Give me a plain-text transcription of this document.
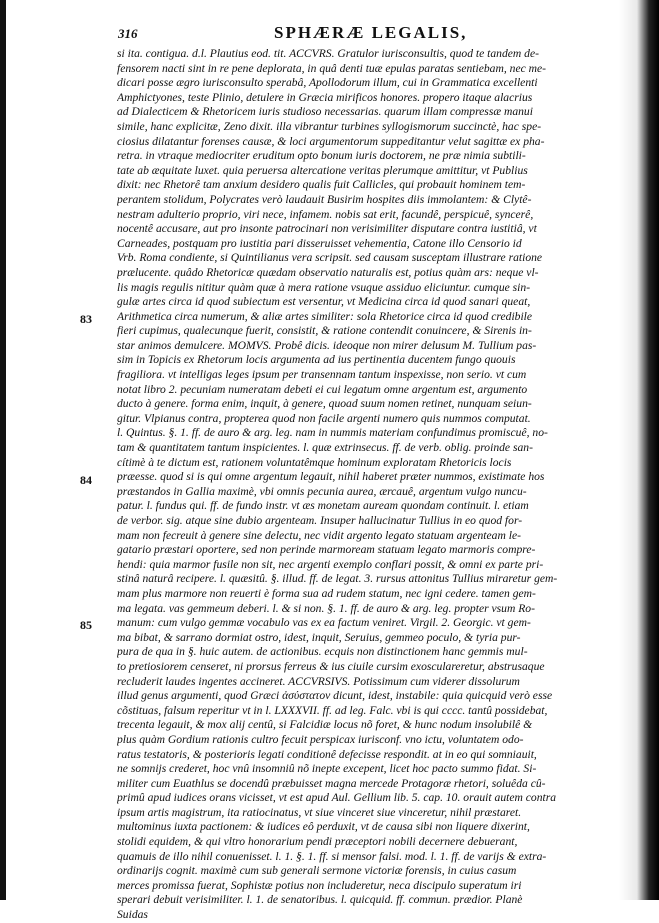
316	SPHÆRÆ LEGALIS,
83
84
85
si ita. contigua. d.l. Plautius eod. tit. ACCVRS. Gratulor iurisconsultis, quod te tandem de-
fensorem nacti sint in re pene deplorata, in quâ denti tuæ epulas paratas sentiebam, nec me-
dicari posse ægro iurisconsulto sperabâ, Apollodorum illum, cui in Grammatica excellenti
Amphictyones, teste Plinio, detulere in Græcia mirificos honores. propero itaque alacrius
ad Dialecticem & Rhetoricem iuris studioso necessarias. quarum illam compressæ manui
simile, hanc explicitæ, Zeno dixit. illa vibrantur turbines syllogismorum succinctè, hac spe-
ciosius dilatantur forenses causæ, & loci argumentorum suppeditantur velut sagittæ ex pha-
retra. in vtraque mediocriter eruditum opto bonum iuris doctorem, ne præ nimia subtili-
tate ab æquitate luxet. quia peruersa altercatione veritas plerumque amittitur, vt Publius
dixit: nec Rhetorê tam anxium desidero qualis fuit Callicles, qui probauit hominem tem-
perantem stolidum, Polycrates verò laudauit Busirim hospites diis immolantem: & Clytê-
nestram adulterio proprio, viri nece, infamem. nobis sat erit, facundê, perspicuê, syncerê,
nocentê accusare, aut pro insonte patrocinari non verisimiliter disputare contra iustitiâ, vt
Carneades, postquam pro iustitia pari disseruisset vehementia, Catone illo Censorio id
Vrb. Roma condiente, si Quintilianus vera scripsit. sed causam susceptam illustrare ratione
prælucente. quâdo Rhetoricæ quædam observatio naturalis est, potius quàm ars: neque vl-
lis magis regulis nititur quàm quæ à mera ratione vsuque assiduo eliciuntur. cumque sin-
gulæ artes circa id quod subiectum est versentur, vt Medicina circa id quod sanari queat,
Arithmetica circa numerum, & aliæ artes similiter: sola Rhetorice circa id quod credibile
fieri cupimus, qualecunque fuerit, consistit, & ratione contendit conuincere, & Sirenis in-
star animos demulcere. MOMVS. Probê dicis. ideoque non mirer delusum M. Tullium pas-
sim in Topicis ex Rhetorum locis argumenta ad ius pertinentia ducentem fungo quouis
fragiliora. vt intelligas leges ipsum per transennam tantum inspexisse, non serio. vt cum
notat libro 2. pecuniam numeratam debeti ei cui legatum omne argentum est, argumento
ducto à genere. forma enim, inquit, à genere, quoad suum nomen retinet, nunquam seiun-
gitur. Vlpianus contra, propterea quod non facile argenti numero quis nummos computat.
l. Quintus. §. 1. ff. de auro & arg. leg. nam in nummis materiam confundimus promiscuê, no-
tam & quantitatem tantum inspicientes. l. quæ extrinsecus. ff. de verb. oblig. proinde san-
cítimè à te dictum est, rationem voluntatêmque hominum exploratam Rhetoricis locis
præesse. quod si is qui omne argentum legauit, nihil haberet præter nummos, existimate hos
præstandos in Gallia maximè, vbi omnis pecunia aurea, ærcauê, argentum vulgo nuncu-
patur. l. fundus qui. ff. de fundo instr. vt æs monetam auream quondam continuit. l. etiam
de verbor. sig. atque sine dubio argenteam. Insuper hallucinatur Tullius in eo quod for-
mam non fecreuit à genere sine delectu, nec vidit argento legato statuam argenteam le-
gatario præstari oportere, sed non perinde marmoream statuam legato marmoris compre-
hendi: quia marmor fusile non sit, nec argenti exemplo conflari possit, & omni ex parte pri-
stinâ naturâ recipere. l. quæsitû. §. illud. ff. de legat. 3. rursus attonitus Tullius miraretur gem-
mam plus marmore non reuerti è forma sua ad rudem statum, nec igni cedere. tamen gem-
ma legata. vas gemmeum deberi. l. & si non. §. 1. ff. de auro & arg. leg. propter vsum Ro-
manum: cum vulgo gemmæ vocabulo vas ex ea factum veniret. Virgil. 2. Georgic. vt gem-
ma bibat, & sarrano dormiat ostro, idest, inquit, Seruius, gemmeo poculo, & tyria pur-
pura de qua in §. huic autem. de actionibus. ecquis non distinctionem hanc gemmis mul-
to pretiosiorem censeret, ni prorsus ferreus & ius ciuile cursim exosculareretur, abstrusaque
recluderit laudes ingentes accineret. ACCVRSIVS. Potissimum cum viderer dissolurum
illud genus argumenti, quod Græci ἀσύστατον dicunt, idest, instabile: quia quicquid verò esse
cõstituas, falsum reperitur vt in l. LXXXVII. ff. ad leg. Falc. vbi is qui cccc. tantû possidebat,
trecenta legauit, & mox alij centû, si Falcidiæ locus nõ foret, & hunc nodum insolubilê &
plus quàm Gordium rationis cultro fecuit perspicax iurisconf. vno ictu, voluntatem odo-
ratus testatoris, & posterioris legati conditionê defecisse respondit. at in eo qui somniauit,
ne somnijs crederet, hoc vnû insomniû nõ inepte excepent, licet hoc pacto summo fidat. Si-
militer cum Euathlus se docendû præbuisset magna mercede Protagoræ rhetori, soluêda cû-
primû apud iudices orans vicisset, vt est apud Aul. Gellium lib. 5. cap. 10. orauit autem contra
ipsum artis magistrum, ita ratiocinatus, vt siue vinceret siue vinceretur, nihil præstaret.
multominus iuxta pactionem: & iudices eô perduxit, vt de causa sibi non liquere dixerint,
stolidi equidem, & qui vltro honorarium pendi præceptori nobili decernere debuerant,
quamuis de illo nihil conuenisset. l. 1. §. 1. ff. si mensor falsi. mod. l. 1. ff. de varijs & extra-
ordinarijs cognit. maximè cum sub generali sermone victoriæ forensis, in cuius casum
merces promissa fuerat, Sophistæ potius non includeretur, neca discipulo superatum iri
sperari debuit verisimiliter. l. 1. de senatoribus. l. quicquid. ff. commun. prædior. Planè
Suidas
